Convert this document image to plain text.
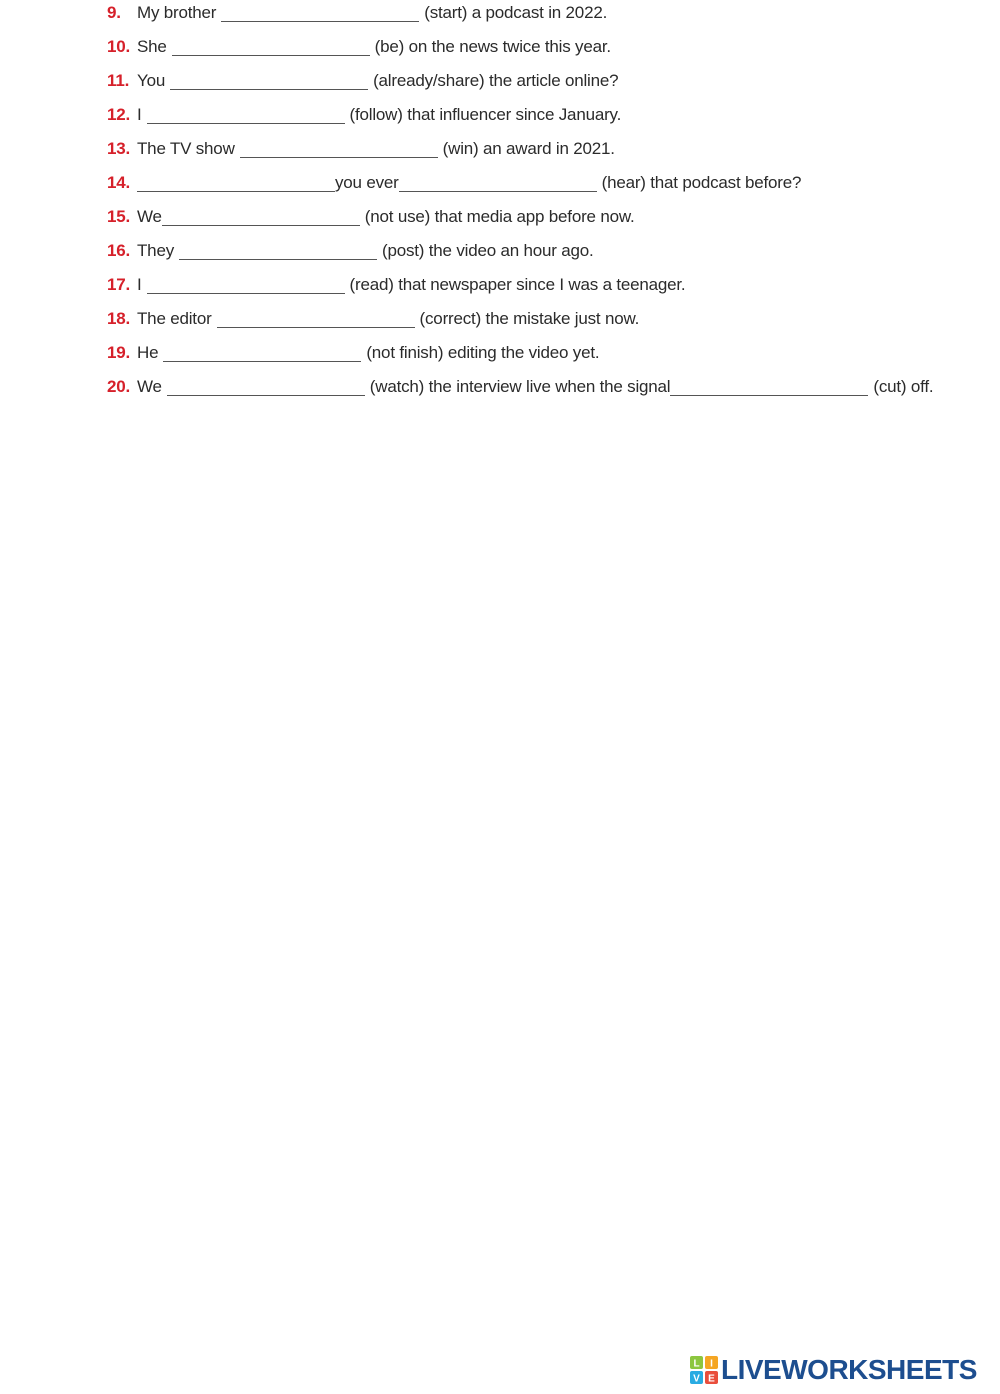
9. My brother	(start) a podcast in 2022.
10. She	(be) on the news twice this year.
11. You	(already/share) the article online?
12. I	(follow) that influencer since January.
13. The TV show	(win) an award in 2021.
14.	you ever	(hear) that podcast before?
15. We	(not use) that media app before now.
16. They	(post) the video an hour ago.
17. I	(read) that newspaper since I was a teenager.
18. The editor	(correct) the mistake just now.
19. He	(not finish) editing the video yet.
20. We	(watch) the interview live when the signal	(cut) off.
L I
V E LIVEWORKSHEETS
